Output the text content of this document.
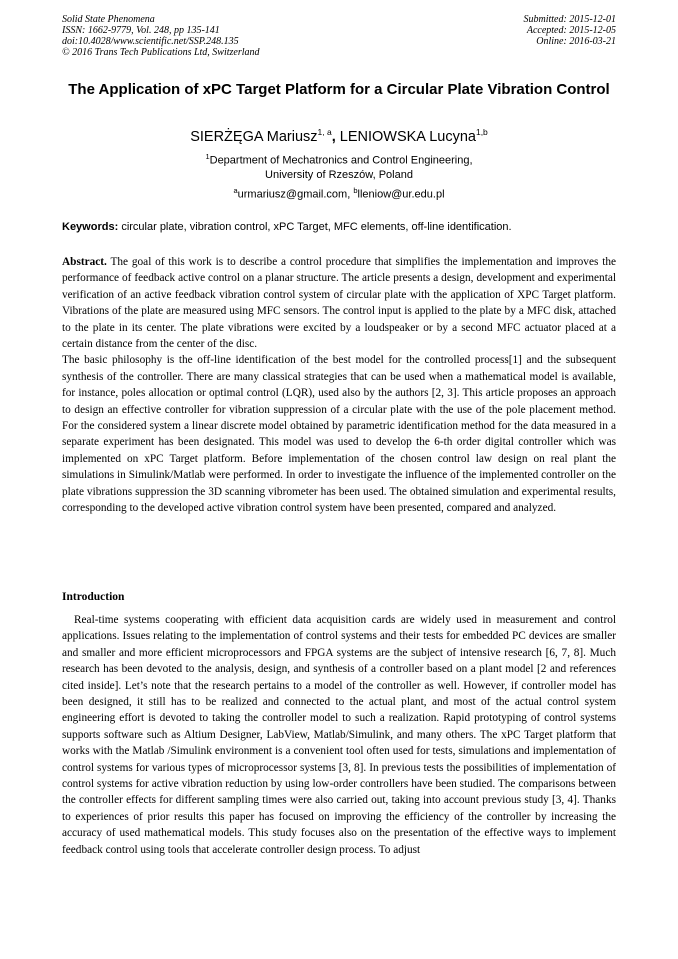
Solid State Phenomena
ISSN: 1662-9779, Vol. 248, pp 135-141
doi:10.4028/www.scientific.net/SSP.248.135
© 2016 Trans Tech Publications Ltd, Switzerland
Submitted: 2015-12-01
Accepted: 2015-12-05
Online: 2016-03-21
The Application of xPC Target Platform for a Circular Plate Vibration Control
SIERŻĘGA Mariusz$^{1, a}$, LENIOWSKA Lucyna$^{1,b}$
$^1$Department of Mechatronics and Control Engineering,
University of Rzeszów, Poland
$^a$urmariusz@gmail.com, $^b$lleniow@ur.edu.pl
Keywords: circular plate, vibration control, xPC Target, MFC elements, off-line identification.

Abstract. The goal of this work is to describe a control procedure that simplifies the implementation and improves the performance of feedback active control on a planar structure. The article presents a design, development and experimental verification of an active feedback vibration control system of circular plate with the application of XPC Target platform. Vibrations of the plate are measured using MFC sensors. The control input is applied to the plate by a MFC disk, attached to the plate in its center. The plate vibrations were excited by a loudspeaker or by a second MFC actuator placed at a certain distance from the center of the disc.

The basic philosophy is the off-line identification of the best model for the controlled process[1] and the subsequent synthesis of the controller. There are many classical strategies that can be used when a mathematical model is available, for instance, poles allocation or optimal control (LQR), used also by the authors [2, 3]. This article proposes an approach to design an effective controller for vibration suppression of a circular plate with the use of the pole placement method. For the considered system a linear discrete model obtained by parametric identification method for the data measured in a separate experiment has been designated. This model was used to develop the 6-th order digital controller which was implemented on xPC Target platform. Before implementation of the chosen control law design on real plant the simulations in Simulink/Matlab were performed. In order to investigate the influence of the implemented controller on the plate vibrations suppression the 3D scanning vibrometer has been used. The obtained simulation and experimental results, corresponding to the developed active vibration control system have been presented, compared and analyzed.

Introduction

Real-time systems cooperating with efficient data acquisition cards are widely used in measurement and control applications. Issues relating to the implementation of control systems and their tests for embedded PC devices are smaller and smaller and more efficient microprocessors and FPGA systems are the subject of intensive research [6, 7, 8]. Much research has been devoted to the analysis, design, and synthesis of a controller based on a plant model [2 and references cited inside]. Let’s note that the research pertains to a model of the controller as well. However, if controller model has been designed, it still has to be realized and connected to the actual plant, and most of the actual control system engineering effort is devoted to taking the controller model to such a realization. Rapid prototyping of control systems supports software such as Altium Designer, LabView, Matlab/Simulink, and many others. The xPC Target platform that works with the Matlab /Simulink environment is a convenient tool often used for tests, simulations and implementation of control systems for various types of microprocessor systems [3, 8]. In previous tests the possibilities of implementation of control systems for active vibration reduction by using low-order controllers have been studied. The comparisons between the controller effects for different sampling times were also carried out, taking into account previous study [3, 4]. Thanks to experiences of prior results this paper has focused on improving the efficiency of the controller by increasing the accuracy of used mathematical models. This study focuses also on the presentation of the effective ways to implement feedback control using tools that accelerate controller design process. To adjust
